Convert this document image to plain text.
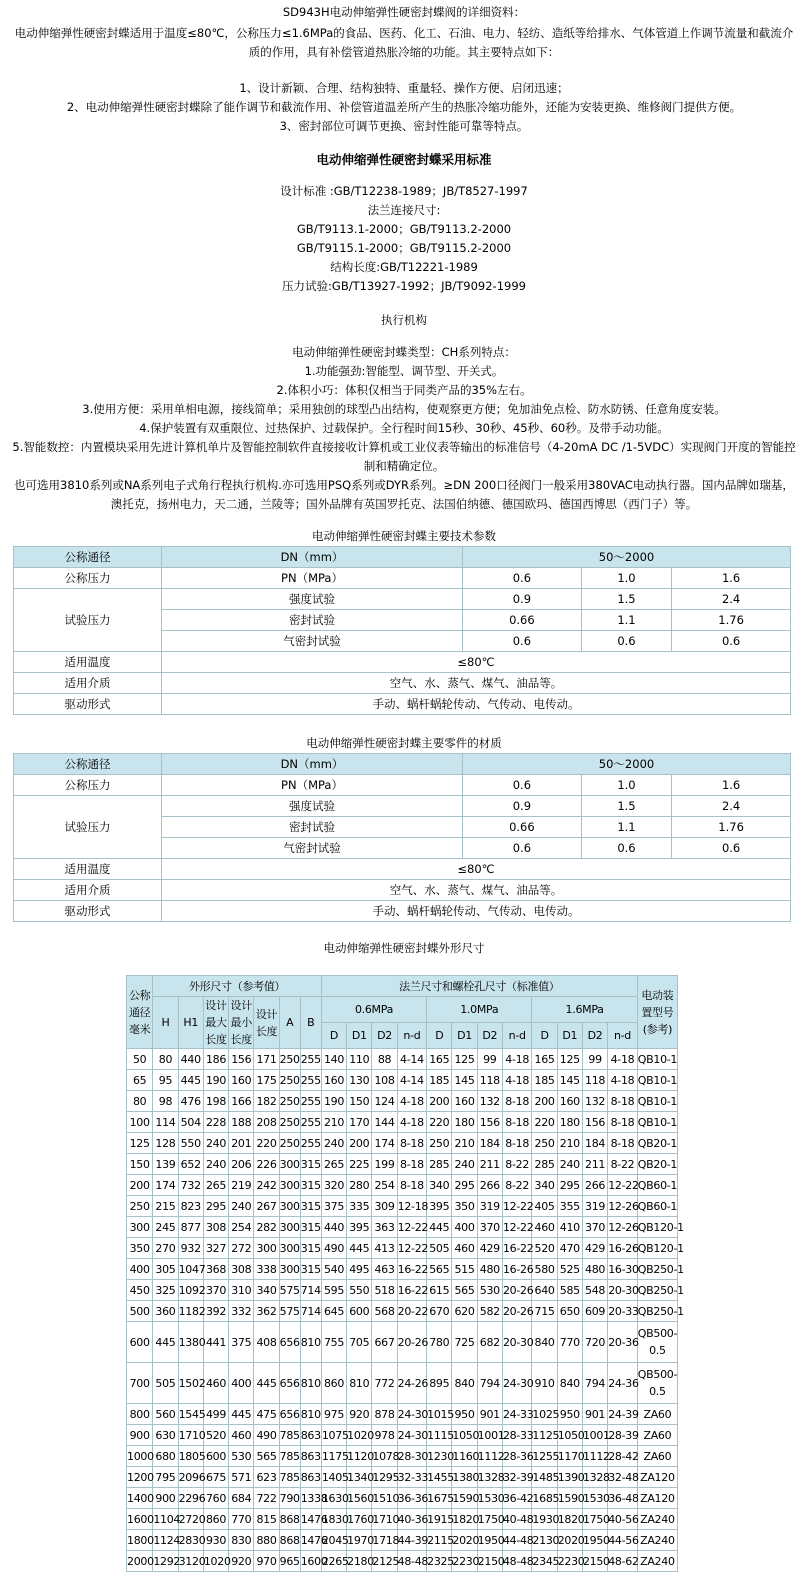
SD943H电动伸缩弹性硬密封蝶阀的详细资料：
电动伸缩弹性硬密封蝶适用于温度≤80℃，公称压力≤1.6MPa的食品、医药、化工、石油、电力、轻纺、造纸等给排水、气体管道上作调节流量和截流介质的作用，具有补偿管道热胀冷缩的功能。其主要特点如下：
1、设计新颖、合理、结构独特、重量轻、操作方便、启闭迅速；
2、电动伸缩弹性硬密封蝶除了能作调节和截流作用、补偿管道温差所产生的热胀冷缩功能外，还能为安装更换、维修阀门提供方便。
3、密封部位可调节更换、密封性能可靠等特点。
电动伸缩弹性硬密封蝶采用标准
设计标准 :GB/T12238-1989；JB/T8527-1997
法兰连接尺寸:
GB/T9113.1-2000；GB/T9113.2-2000
GB/T9115.1-2000；GB/T9115.2-2000
结构长度:GB/T12221-1989
压力试验:GB/T13927-1992；JB/T9092-1999
执行机构
电动伸缩弹性硬密封蝶类型：CH系列特点：
1.功能强劲:智能型、调节型、开关式。
2.体积小巧：体积仅相当于同类产品的35%左右。
3.使用方便：采用单相电源，接线简单；采用独创的球型凸出结构，使观察更方便；免加油免点检、防水防锈、任意角度安装。
4.保护装置有双重限位、过热保护、过载保护。全行程时间15秒、30秒、45秒、60秒。及带手动功能。
5.智能数控：内置模块采用先进计算机单片及智能控制软件直接接收计算机或工业仪表等输出的标准信号（4-20mA DC /1-5VDC）实现阀门开度的智能控制和精确定位。
也可选用3810系列或NA系列电子式角行程执行机构.亦可选用PSQ系列或DYR系列。≥DN 200口径阀门一般采用380VAC电动执行器。国内品牌如瑞基，澳托克，扬州电力，天二通，兰陵等；国外品牌有英国罗托克、法国伯纳德、德国欧玛、德国西博思（西门子）等。
电动伸缩弹性硬密封蝶主要技术参数
公称通径	DN（mm）	50～2000		
公称压力	PN（MPa）	0.6	1.0	1.6
试验压力	强度试验	0.9	1.5	2.4
	密封试验	0.66	1.1	1.76
	气密封试验	0.6	0.6	0.6
适用温度	≤80℃			
适用介质	空气、水、蒸气、煤气、油品等。			
驱动形式	手动、蜗杆蜗轮传动、气传动、电传动。			
电动伸缩弹性硬密封蝶主要零件的材质
公称通径	DN（mm）	50～2000		
公称压力	PN（MPa）	0.6	1.0	1.6
试验压力	强度试验	0.9	1.5	2.4
	密封试验	0.66	1.1	1.76
	气密封试验	0.6	0.6	0.6
适用温度	≤80℃			
适用介质	空气、水、蒸气、煤气、油品等。			
驱动形式	手动、蜗杆蜗轮传动、气传动、电传动。			
电动伸缩弹性硬密封蝶外形尺寸
公称通径毫米	外形尺寸（参考值）							法兰尺寸和螺栓孔尺寸（标准值）												电动装置型号(参考)
	H	H1	设计最大长度	设计最小长度	设计长度	A	B	0.6MPa				1.0MPa				1.6MPa				
								D	D1	D2	n-d	D	D1	D2	n-d	D	D1	D2	n-d	
50	80	440	186	156	171	250	255	140	110	88	4-14	165	125	99	4-18	165	125	99	4-18	QB10-1
65	95	445	190	160	175	250	255	160	130	108	4-14	185	145	118	4-18	185	145	118	4-18	QB10-1
80	98	476	198	166	182	250	255	190	150	124	4-18	200	160	132	8-18	200	160	132	8-18	QB10-1
100	114	504	228	188	208	250	255	210	170	144	4-18	220	180	156	8-18	220	180	156	8-18	QB10-1
125	128	550	240	201	220	250	255	240	200	174	8-18	250	210	184	8-18	250	210	184	8-18	QB20-1
150	139	652	240	206	226	300	315	265	225	199	8-18	285	240	211	8-22	285	240	211	8-22	QB20-1
200	174	732	265	219	242	300	315	320	280	254	8-18	340	295	266	8-22	340	295	266	12-22	QB60-1
250	215	823	295	240	267	300	315	375	335	309	12-18	395	350	319	12-22	405	355	319	12-26	QB60-1
300	245	877	308	254	282	300	315	440	395	363	12-22	445	400	370	12-22	460	410	370	12-26	QB120-1
350	270	932	327	272	300	300	315	490	445	413	12-22	505	460	429	16-22	520	470	429	16-26	QB120-1
400	305	1047	368	308	338	300	315	540	495	463	16-22	565	515	480	16-26	580	525	480	16-30	QB250-1
450	325	1092	370	310	340	575	714	595	550	518	16-22	615	565	530	20-26	640	585	548	20-30	QB250-1
500	360	1182	392	332	362	575	714	645	600	568	20-22	670	620	582	20-26	715	650	609	20-33	QB250-1
600	445	1380	441	375	408	656	810	755	705	667	20-26	780	725	682	20-30	840	770	720	20-36	QB500-0.5
700	505	1502	460	400	445	656	810	860	810	772	24-26	895	840	794	24-30	910	840	794	24-36	QB500-0.5
800	560	1545	499	445	475	656	810	975	920	878	24-30	1015	950	901	24-33	1025	950	901	24-39	ZA60
900	630	1710	520	460	490	785	863	1075	1020	978	24-30	1115	1050	1001	28-33	1125	1050	1001	28-39	ZA60
1000	680	1805	600	530	565	785	863	1175	1120	1078	28-30	1230	1160	1112	28-36	1255	1170	1112	28-42	ZA60
1200	795	2096	675	571	623	785	863	1405	1340	1295	32-33	1455	1380	1328	32-39	1485	1390	1328	32-48	ZA120
1400	900	2296	760	684	722	790	1338	1630	1560	1510	36-36	1675	1590	1530	36-42	1685	1590	1530	36-48	ZA120
1600	1104	2720	860	770	815	868	1476	1830	1760	1710	40-36	1915	1820	1750	40-48	1930	1820	1750	40-56	ZA240
1800	1124	2830	930	830	880	868	1476	2045	1970	1718	44-39	2115	2020	1950	44-48	2130	2020	1950	44-56	ZA240
2000	1292	3120	1020	920	970	965	1600	2265	2180	2125	48-48	2325	2230	2150	48-48	2345	2230	2150	48-62	ZA240
